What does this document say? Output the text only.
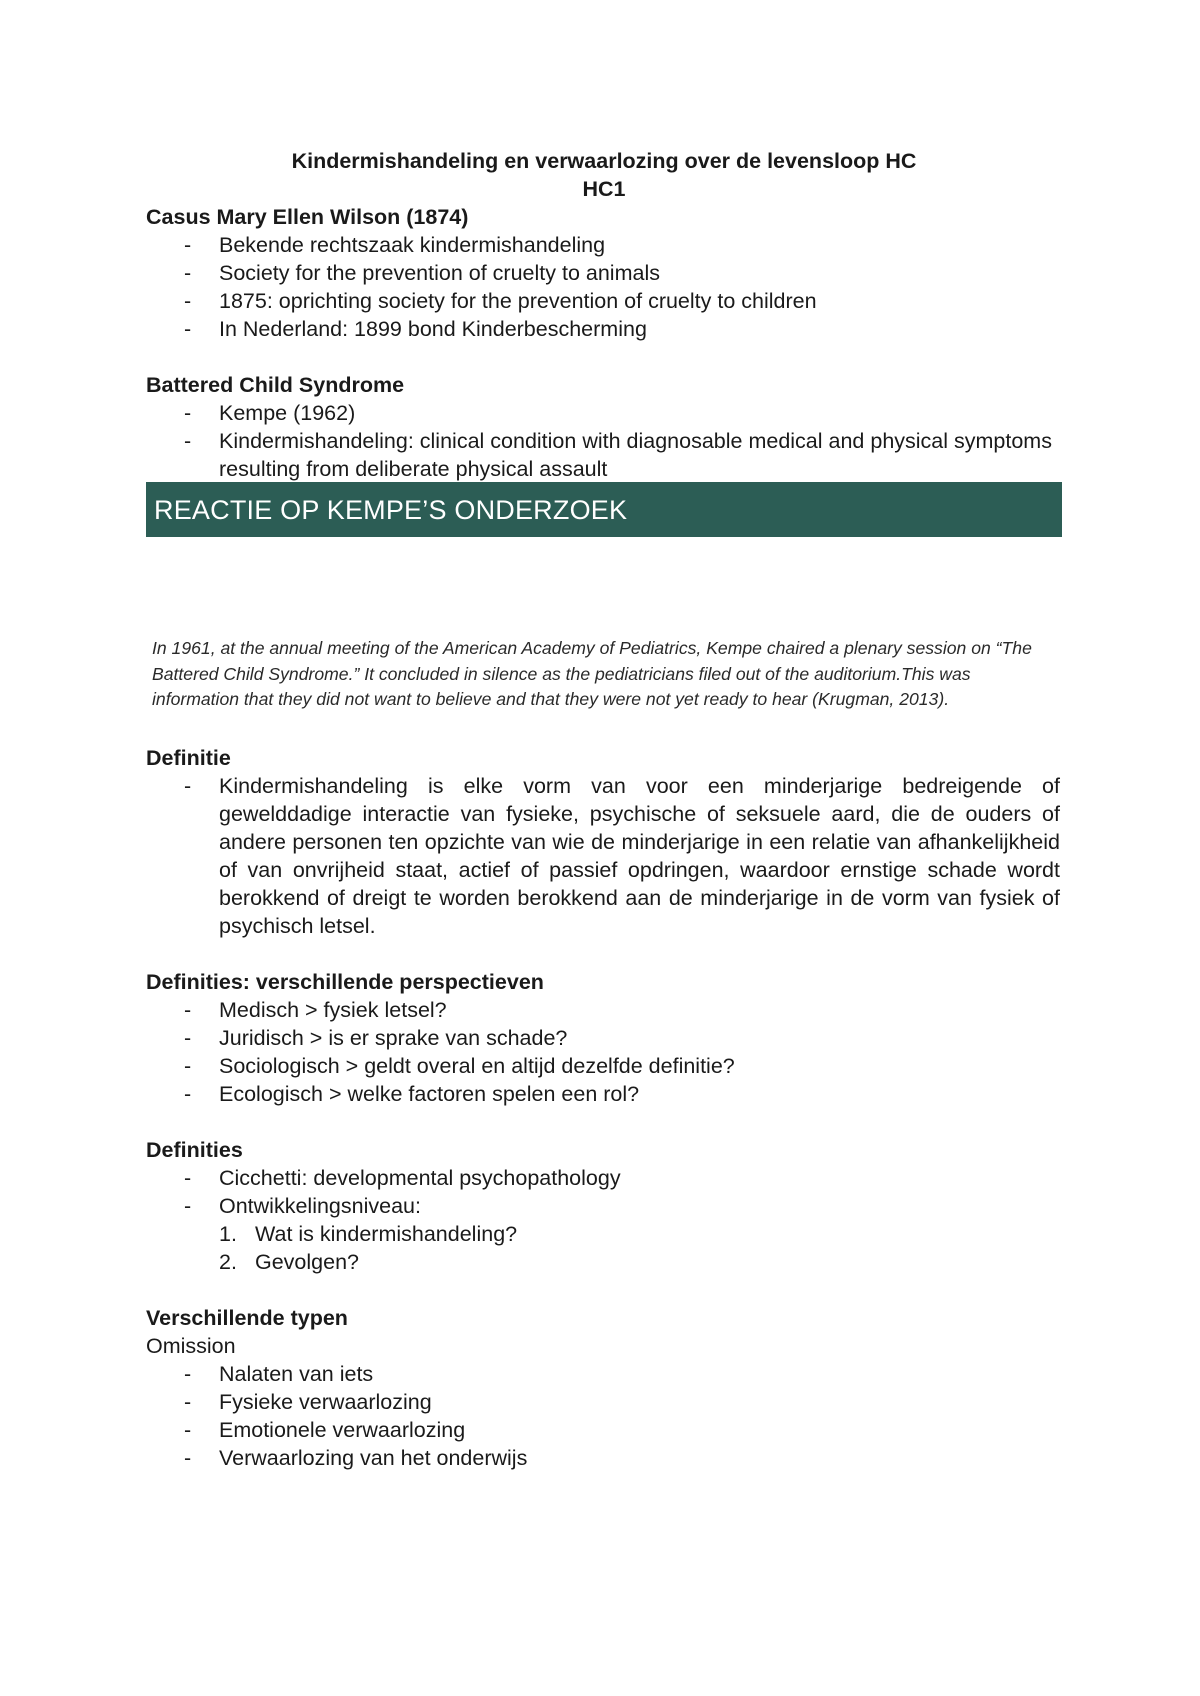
Kindermishandeling en verwaarlozing over de levensloop HC
HC1
Casus Mary Ellen Wilson (1874)
- Bekende rechtszaak kindermishandeling
- Society for the prevention of cruelty to animals
- 1875: oprichting society for the prevention of cruelty to children
- In Nederland: 1899 bond Kinderbescherming
Battered Child Syndrome
- Kempe (1962)
- Kindermishandeling: clinical condition with diagnosable medical and physical symptoms resulting from deliberate physical assault
REACTIE OP KEMPE’S ONDERZOEK
In 1961, at the annual meeting of the American Academy of Pediatrics, Kempe chaired a plenary session on “The
Battered Child Syndrome.” It concluded in silence as the pediatricians filed out of the auditorium.This was
information that they did not want to believe and that they were not yet ready to hear (Krugman, 2013).
Definitie
- Kindermishandeling is elke vorm van voor een minderjarige bedreigende of gewelddadige interactie van fysieke, psychische of seksuele aard, die de ouders of andere personen ten opzichte van wie de minderjarige in een relatie van afhankelijkheid of van onvrijheid staat, actief of passief opdringen, waardoor ernstige schade wordt berokkend of dreigt te worden berokkend aan de minderjarige in de vorm van fysiek of psychisch letsel.
Definities: verschillende perspectieven
- Medisch > fysiek letsel?
- Juridisch > is er sprake van schade?
- Sociologisch > geldt overal en altijd dezelfde definitie?
- Ecologisch > welke factoren spelen een rol?
Definities
- Cicchetti: developmental psychopathology
- Ontwikkelingsniveau:
1. Wat is kindermishandeling?
2. Gevolgen?
Verschillende typen
Omission
- Nalaten van iets
- Fysieke verwaarlozing
- Emotionele verwaarlozing
- Verwaarlozing van het onderwijs
